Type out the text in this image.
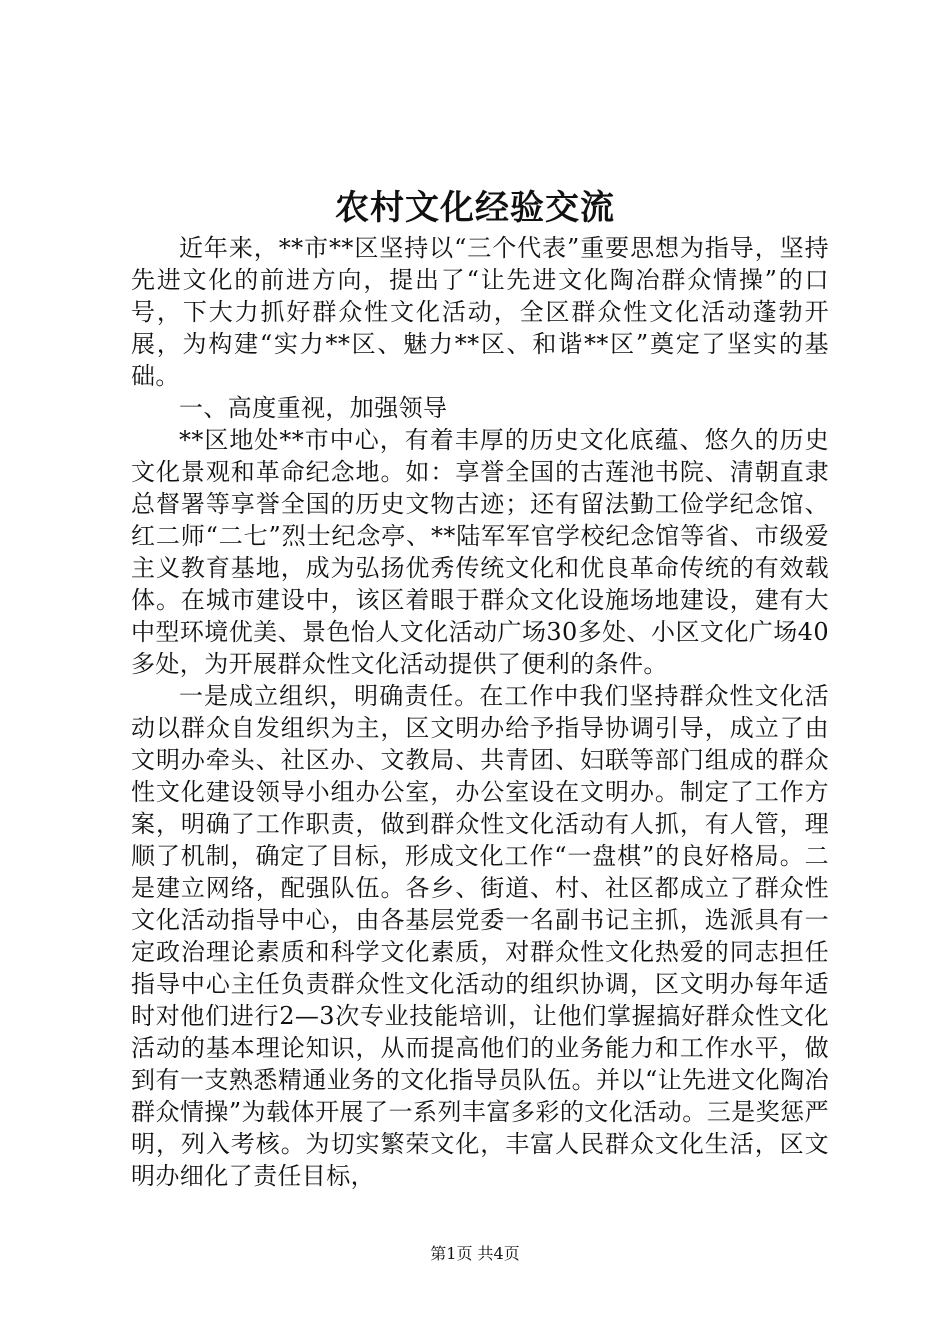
农村文化经验交流

近年来，**市**区坚持以“三个代表”重要思想为指导，坚持先进文化的前进方向，提出了“让先进文化陶冶群众情操”的口号，下大力抓好群众性文化活动，全区群众性文化活动蓬勃开展，为构建“实力**区、魅力**区、和谐**区”奠定了坚实的基础。

一、高度重视，加强领导

**区地处**市中心，有着丰厚的历史文化底蕴、悠久的历史文化景观和革命纪念地。如：享誉全国的古莲池书院、清朝直隶总督署等享誉全国的历史文物古迹；还有留法勤工俭学纪念馆、红二师“二七”烈士纪念亭、**陆军军官学校纪念馆等省、市级爱主义教育基地，成为弘扬优秀传统文化和优良革命传统的有效载体。在城市建设中，该区着眼于群众文化设施场地建设，建有大中型环境优美、景色怡人文化活动广场30多处、小区文化广场40多处，为开展群众性文化活动提供了便利的条件。

一是成立组织，明确责任。在工作中我们坚持群众性文化活动以群众自发组织为主，区文明办给予指导协调引导，成立了由文明办牵头、社区办、文教局、共青团、妇联等部门组成的群众性文化建设领导小组办公室，办公室设在文明办。制定了工作方案，明确了工作职责，做到群众性文化活动有人抓，有人管，理顺了机制，确定了目标，形成文化工作“一盘棋”的良好格局。二是建立网络，配强队伍。各乡、街道、村、社区都成立了群众性文化活动指导中心，由各基层党委一名副书记主抓，选派具有一定政治理论素质和科学文化素质，对群众性文化热爱的同志担任指导中心主任负责群众性文化活动的组织协调，区文明办每年适时对他们进行2—3次专业技能培训，让他们掌握搞好群众性文化活动的基本理论知识，从而提高他们的业务能力和工作水平，做到有一支熟悉精通业务的文化指导员队伍。并以“让先进文化陶冶群众情操”为载体开展了一系列丰富多彩的文化活动。三是奖惩严明，列入考核。为切实繁荣文化，丰富人民群众文化生活，区文明办细化了责任目标，

第1页 共4页
